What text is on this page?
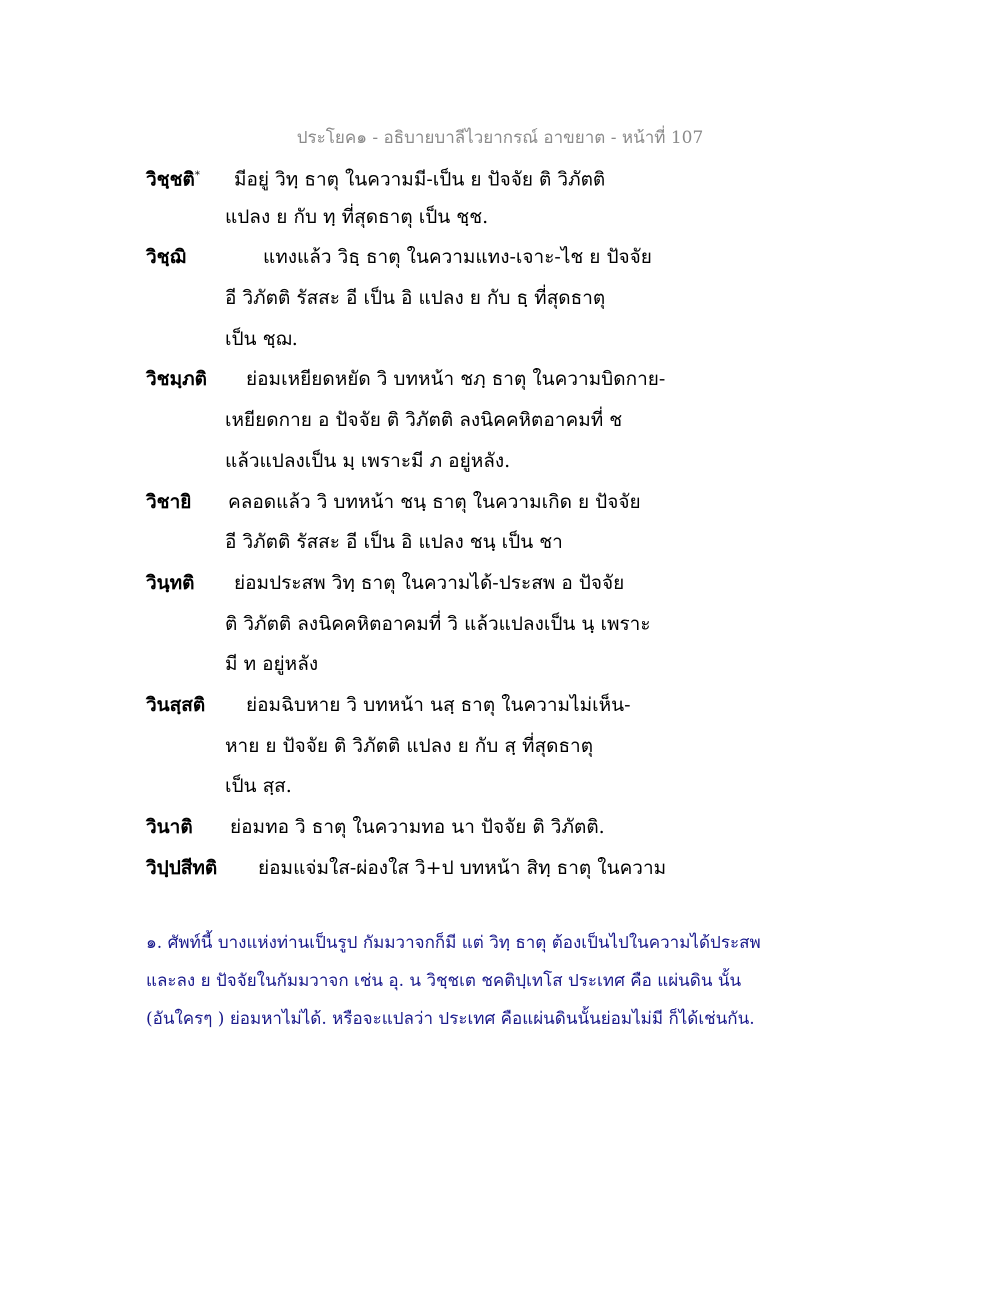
ประโยค๑ - อธิบายบาลีไวยากรณ์ อาขยาต - หน้าที่ 107
วิชฺชติ* มีอยู่ วิทฺ ธาตุ ในความมี-เป็น ย ปัจจัย ติ วิภัตติ
แปลง ย กับ ทฺ ที่สุดธาตุ เป็น ชฺช.
วิชฺฌิ	แทงแล้ว วิธฺ ธาตุ ในความแทง-เจาะ-ไช ย ปัจจัย
อี วิภัตติ รัสสะ อี เป็น อิ แปลง ย กับ ธฺ ที่สุดธาตุ
เป็น ชฺฌ.
วิชมฺภติ ย่อมเหยียดหยัด วิ บทหน้า ชภฺ ธาตุ ในความบิดกาย-
เหยียดกาย อ ปัจจัย ติ วิภัตติ ลงนิคคหิตอาคมที่ ช
แล้วแปลงเป็น มฺ เพราะมี ภ อยู่หลัง.
วิชายิ คลอดแล้ว วิ บทหน้า ชนฺ ธาตุ ในความเกิด ย ปัจจัย
อี วิภัตติ รัสสะ อี เป็น อิ แปลง ชนฺ เป็น ชา
วินฺทติ ย่อมประสพ วิทฺ ธาตุ ในความได้-ประสพ อ ปัจจัย
ติ วิภัตติ ลงนิคคหิตอาคมที่ วิ แล้วแปลงเป็น นฺ เพราะ
มี ท อยู่หลัง
วินสฺสติ ย่อมฉิบหาย วิ บทหน้า นสฺ ธาตุ ในความไม่เห็น-
หาย ย ปัจจัย ติ วิภัตติ แปลง ย กับ สฺ ที่สุดธาตุ
เป็น สฺส.
วินาติ ย่อมทอ วิ ธาตุ ในความทอ นา ปัจจัย ติ วิภัตติ.
วิปฺปสีทติ ย่อมแจ่มใส-ผ่องใส วิ+ป บทหน้า สิทฺ ธาตุ ในความ
๑. ศัพท์นี้ บางแห่งท่านเป็นรูป กัมมวาจกก็มี แต่ วิทฺ ธาตุ ต้องเป็นไปในความได้ประสพ
และลง ย ปัจจัยในกัมมวาจก เช่น อุ. น วิชฺชเต ชคติปฺเทโส ประเทศ คือ แผ่นดิน นั้น
(อันใครๆ ) ย่อมหาไม่ได้. หรือจะแปลว่า ประเทศ คือแผ่นดินนั้นย่อมไม่มี ก็ได้เช่นกัน.
